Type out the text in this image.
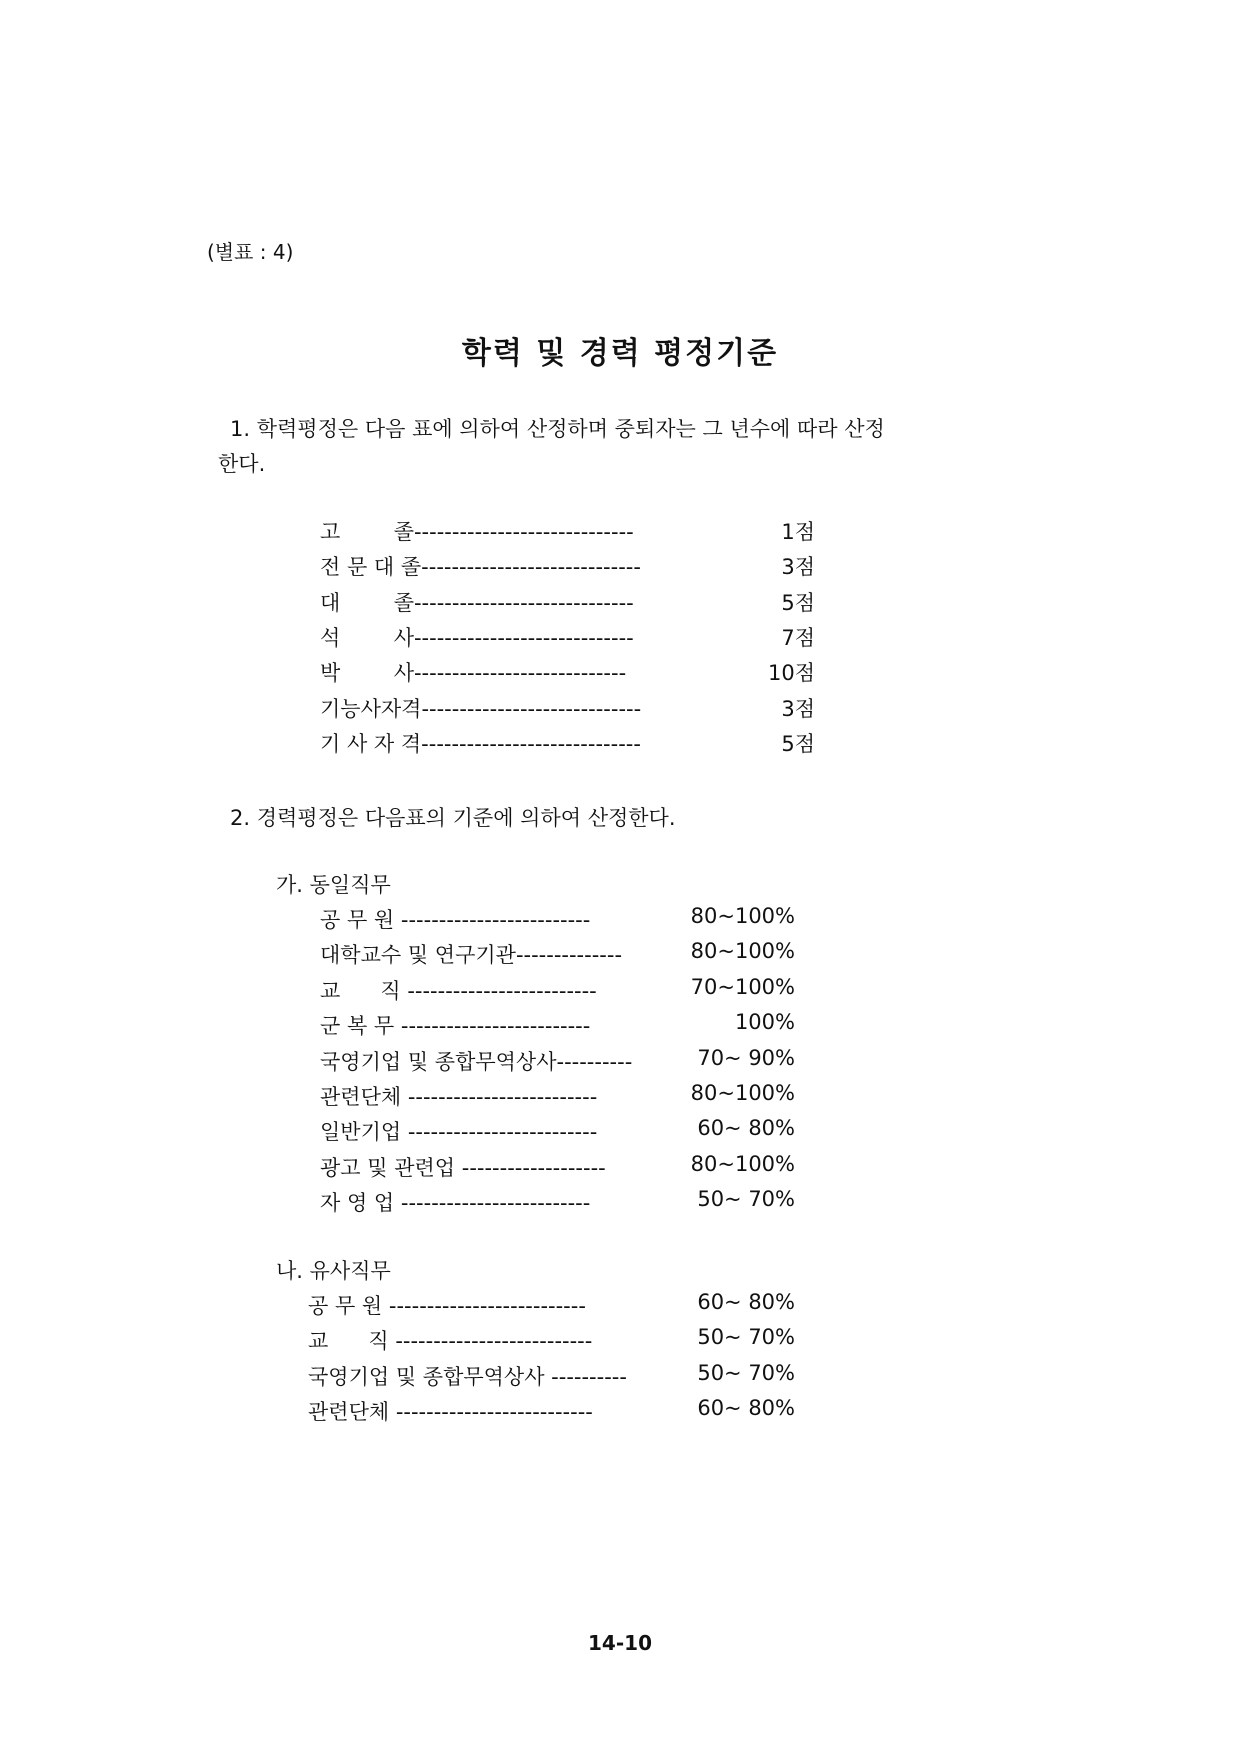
(별표 : 4)
학력 및 경력 평정기준
1. 학력평정은 다음 표에 의하여 산정하며 중퇴자는 그 년수에 따라 산정
한다.
고        졸-----------------------------	1점
전 문 대 졸-----------------------------	3점
대        졸-----------------------------	5점
석        사-----------------------------	7점
박        사----------------------------	10점
기능사자격-----------------------------	3점
기 사 자 격-----------------------------	5점
2. 경력평정은 다음표의 기준에 의하여 산정한다.
가. 동일직무
공 무 원 -------------------------	80~100%
대학교수 및 연구기관--------------	80~100%
교      직 -------------------------	70~100%
군 복 무 -------------------------	100%
국영기업 및 종합무역상사----------	70~ 90%
관련단체 -------------------------	80~100%
일반기업 -------------------------	60~ 80%
광고 및 관련업 -------------------	80~100%
자 영 업 -------------------------	50~ 70%
나. 유사직무
공 무 원 --------------------------	60~ 80%
교      직 --------------------------	50~ 70%
국영기업 및 종합무역상사 ----------	50~ 70%
관련단체 --------------------------	60~ 80%
14-10
